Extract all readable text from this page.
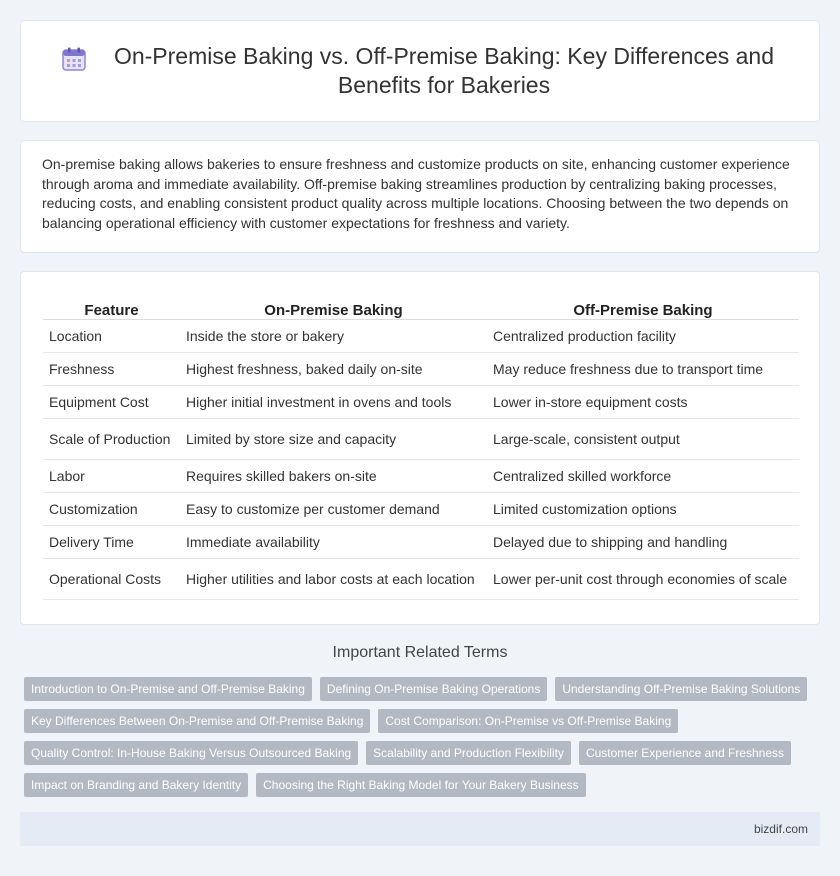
On-Premise Baking vs. Off-Premise Baking: Key Differences and Benefits for Bakeries

On-premise baking allows bakeries to ensure freshness and customize products on site, enhancing customer experience through aroma and immediate availability. Off-premise baking streamlines production by centralizing baking processes, reducing costs, and enabling consistent product quality across multiple locations. Choosing between the two depends on balancing operational efficiency with customer expectations for freshness and variety.

Feature	On-Premise Baking	Off-Premise Baking
Location	Inside the store or bakery	Centralized production facility
Freshness	Highest freshness, baked daily on-site	May reduce freshness due to transport time
Equipment Cost	Higher initial investment in ovens and tools	Lower in-store equipment costs
Scale of Production	Limited by store size and capacity	Large-scale, consistent output
Labor	Requires skilled bakers on-site	Centralized skilled workforce
Customization	Easy to customize per customer demand	Limited customization options
Delivery Time	Immediate availability	Delayed due to shipping and handling
Operational Costs	Higher utilities and labor costs at each location	Lower per-unit cost through economies of scale
Important Related Terms
Introduction to On-Premise and Off-Premise Baking	Defining On-Premise Baking Operations	Understanding Off-Premise Baking Solutions
Key Differences Between On-Premise and Off-Premise Baking	Cost Comparison: On-Premise vs Off-Premise Baking
Quality Control: In-House Baking Versus Outsourced Baking	Scalability and Production Flexibility	Customer Experience and Freshness
Impact on Branding and Bakery Identity	Choosing the Right Baking Model for Your Bakery Business
bizdif.com
